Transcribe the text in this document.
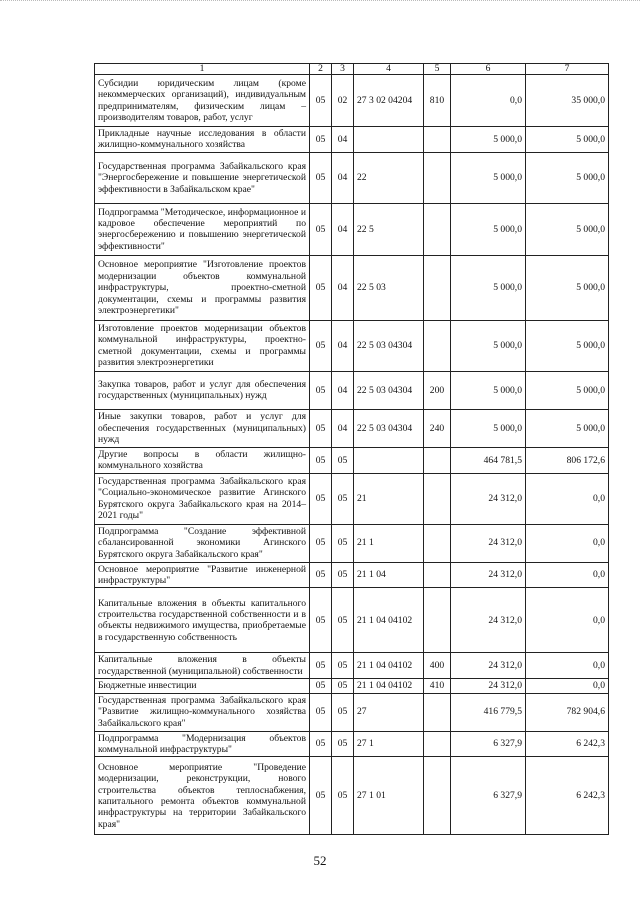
1	2	3	4	5	6	7
Субсидии юридическим лицам (кроме некоммерческих организаций), индивидуальным предпринимателям, физическим лицам – производителям товаров, работ, услуг	05	02	27 3 02 04204	810	0,0	35 000,0
Прикладные научные исследования в области жилищно-коммунального хозяйства	05	04			5 000,0	5 000,0
Государственная программа Забайкальского края "Энергосбережение и повышение энергетической эффективности в Забайкальском крае"	05	04	22		5 000,0	5 000,0
Подпрограмма "Методическое, информационное и кадровое обеспечение мероприятий по энергосбережению и повышению энергетической эффективности"	05	04	22 5		5 000,0	5 000,0
Основное мероприятие "Изготовление проектов модернизации объектов коммунальной инфраструктуры, проектно-сметной документации, схемы и программы развития электроэнергетики"	05	04	22 5 03		5 000,0	5 000,0
Изготовление проектов модернизации объектов коммунальной инфраструктуры, проектно-сметной документации, схемы и программы развития электроэнергетики	05	04	22 5 03 04304		5 000,0	5 000,0
Закупка товаров, работ и услуг для обеспечения государственных (муниципальных) нужд	05	04	22 5 03 04304	200	5 000,0	5 000,0
Иные закупки товаров, работ и услуг для обеспечения государственных (муниципальных) нужд	05	04	22 5 03 04304	240	5 000,0	5 000,0
Другие вопросы в области жилищно-коммунального хозяйства	05	05			464 781,5	806 172,6
Государственная программа Забайкальского края "Социально-экономическое развитие Агинского Бурятского округа Забайкальского края на 2014–2021 годы"	05	05	21		24 312,0	0,0
Подпрограмма "Создание эффективной сбалансированной экономики Агинского Бурятского округа Забайкальского края"	05	05	21 1		24 312,0	0,0
Основное мероприятие "Развитие инженерной инфраструктуры"	05	05	21 1 04		24 312,0	0,0
Капитальные вложения в объекты капитального строительства государственной собственности и в объекты недвижимого имущества, приобретаемые в государственную собственность	05	05	21 1 04 04102		24 312,0	0,0
Капитальные вложения в объекты государственной (муниципальной) собственности	05	05	21 1 04 04102	400	24 312,0	0,0
Бюджетные инвестиции	05	05	21 1 04 04102	410	24 312,0	0,0
Государственная программа Забайкальского края "Развитие жилищно-коммунального хозяйства Забайкальского края"	05	05	27		416 779,5	782 904,6
Подпрограмма "Модернизация объектов коммунальной инфраструктуры"	05	05	27 1		6 327,9	6 242,3
Основное мероприятие "Проведение модернизации, реконструкции, нового строительства объектов теплоснабжения, капитального ремонта объектов коммунальной инфраструктуры на территории Забайкальского края"	05	05	27 1 01		6 327,9	6 242,3
52
